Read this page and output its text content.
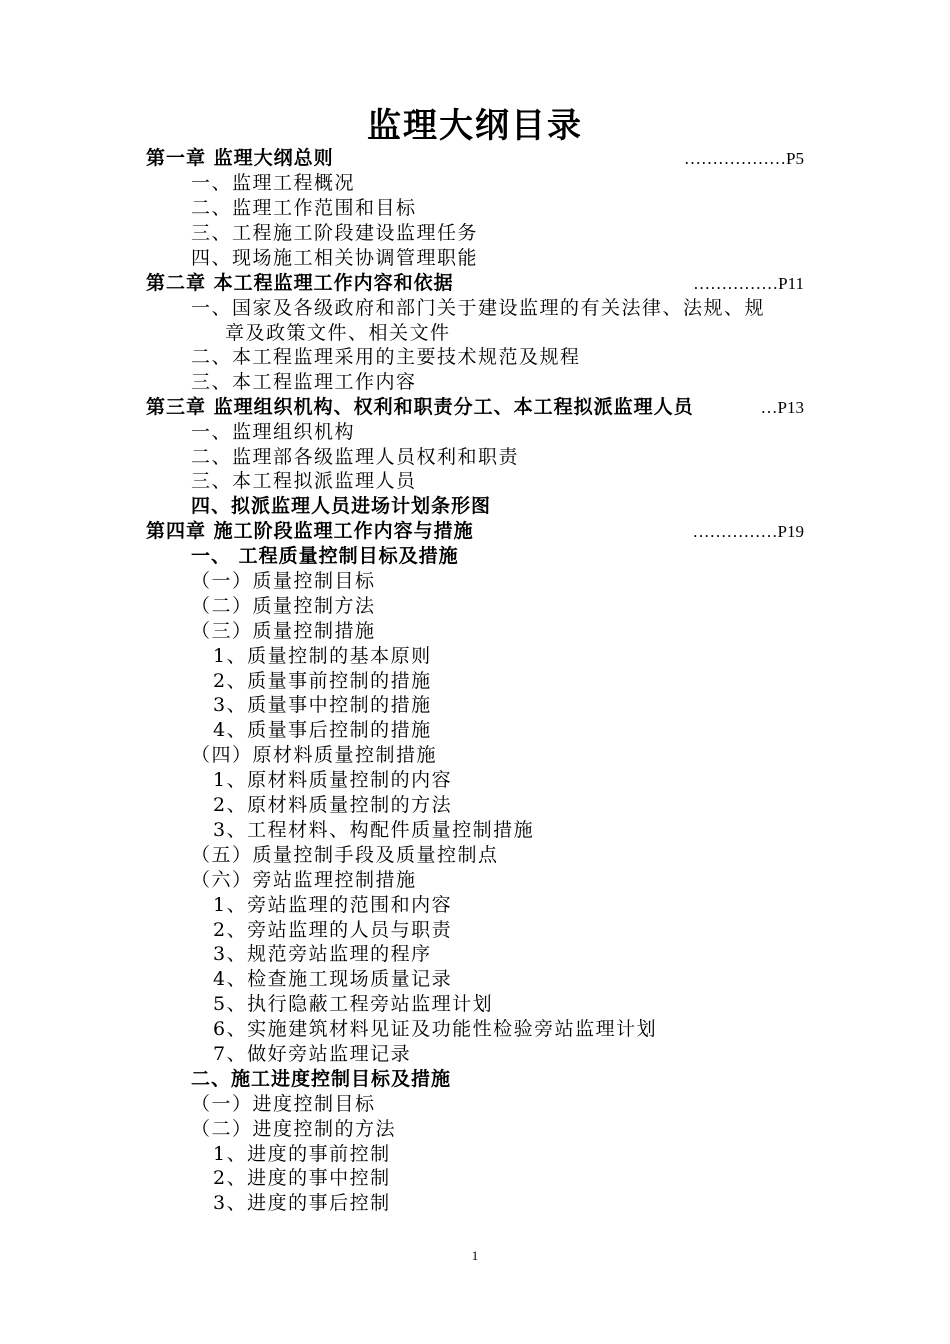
监理大纲目录
第一章 监理大纲总则	………………P5
一、监理工程概况
二、监理工作范围和目标
三、工程施工阶段建设监理任务
四、现场施工相关协调管理职能
第二章 本工程监理工作内容和依据	……………P11
一、国家及各级政府和部门关于建设监理的有关法律、法规、规
章及政策文件、相关文件
二、本工程监理采用的主要技术规范及规程
三、本工程监理工作内容
第三章 监理组织机构、权利和职责分工、本工程拟派监理人员	…P13
一、监理组织机构
二、监理部各级监理人员权利和职责
三、本工程拟派监理人员
四、拟派监理人员进场计划条形图
第四章 施工阶段监理工作内容与措施	……………P19
一、 工程质量控制目标及措施
（一）质量控制目标
（二）质量控制方法
（三）质量控制措施
1、质量控制的基本原则
2、质量事前控制的措施
3、质量事中控制的措施
4、质量事后控制的措施
（四）原材料质量控制措施
1、原材料质量控制的内容
2、原材料质量控制的方法
3、工程材料、构配件质量控制措施
（五）质量控制手段及质量控制点
（六）旁站监理控制措施
1、旁站监理的范围和内容
2、旁站监理的人员与职责
3、规范旁站监理的程序
4、检查施工现场质量记录
5、执行隐蔽工程旁站监理计划
6、实施建筑材料见证及功能性检验旁站监理计划
7、做好旁站监理记录
二、施工进度控制目标及措施
（一）进度控制目标
（二）进度控制的方法
1、进度的事前控制
2、进度的事中控制
3、进度的事后控制
1
